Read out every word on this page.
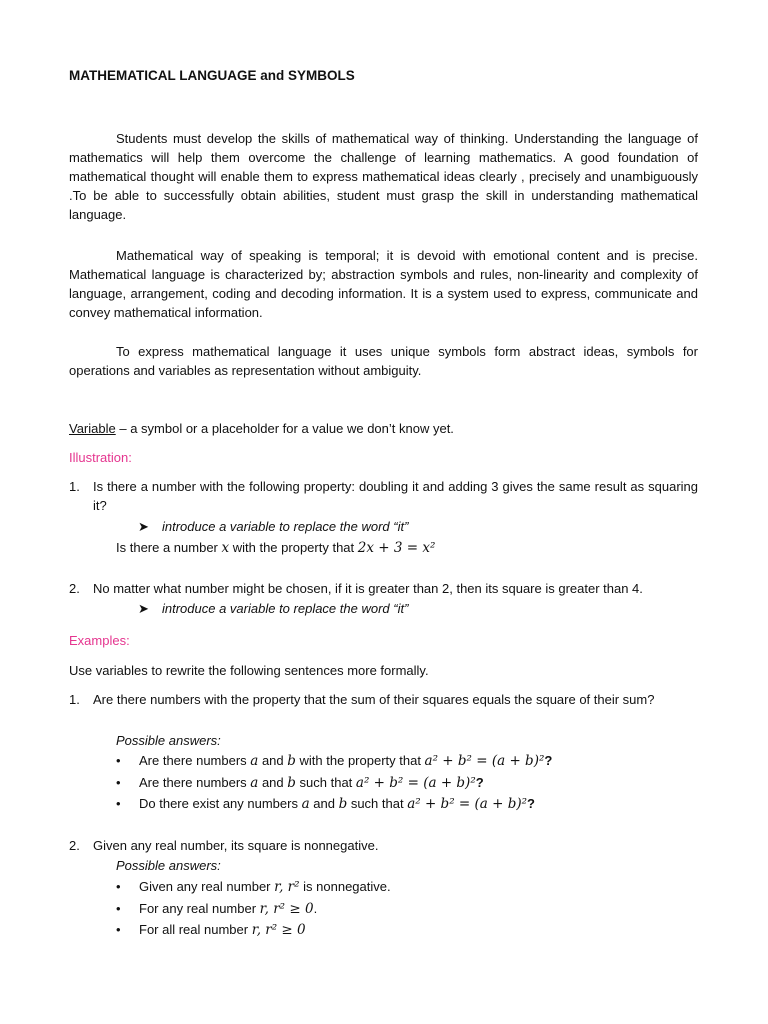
MATHEMATICAL LANGUAGE and SYMBOLS
Students must develop the skills of mathematical way of thinking. Understanding the language of mathematics will help them overcome the challenge of learning mathematics. A good foundation of mathematical thought will enable them to express mathematical ideas clearly , precisely and unambiguously .To be able to successfully obtain abilities, student must grasp the skill in understanding mathematical language.
Mathematical way of speaking is temporal; it is devoid with emotional content and is precise. Mathematical language is characterized by; abstraction symbols and rules, non-linearity and complexity of language, arrangement, coding and decoding information. It is a system used to express, communicate and convey mathematical information.
To express mathematical language it uses unique symbols form abstract ideas, symbols for operations and variables as representation without ambiguity.
Variable – a symbol or a placeholder for a value we don’t know yet.
Illustration:
1. Is there a number with the following property: doubling it and adding 3 gives the same result as squaring it?
➤ introduce a variable to replace the word “it”
Is there a number x with the property that 2x + 3 = x²
2. No matter what number might be chosen, if it is greater than 2, then its square is greater than 4.
➤ introduce a variable to replace the word “it”
Examples:
Use variables to rewrite the following sentences more formally.
1. Are there numbers with the property that the sum of their squares equals the square of their sum?
Possible answers:
• Are there numbers a and b with the property that a² + b² = (a + b)²?
• Are there numbers a and b such that a² + b² = (a + b)²?
• Do there exist any numbers a and b such that a² + b² = (a + b)²?
2. Given any real number, its square is nonnegative.
Possible answers:
• Given any real number r, r² is nonnegative.
• For any real number r, r² ≥ 0.
• For all real number r, r² ≥ 0
